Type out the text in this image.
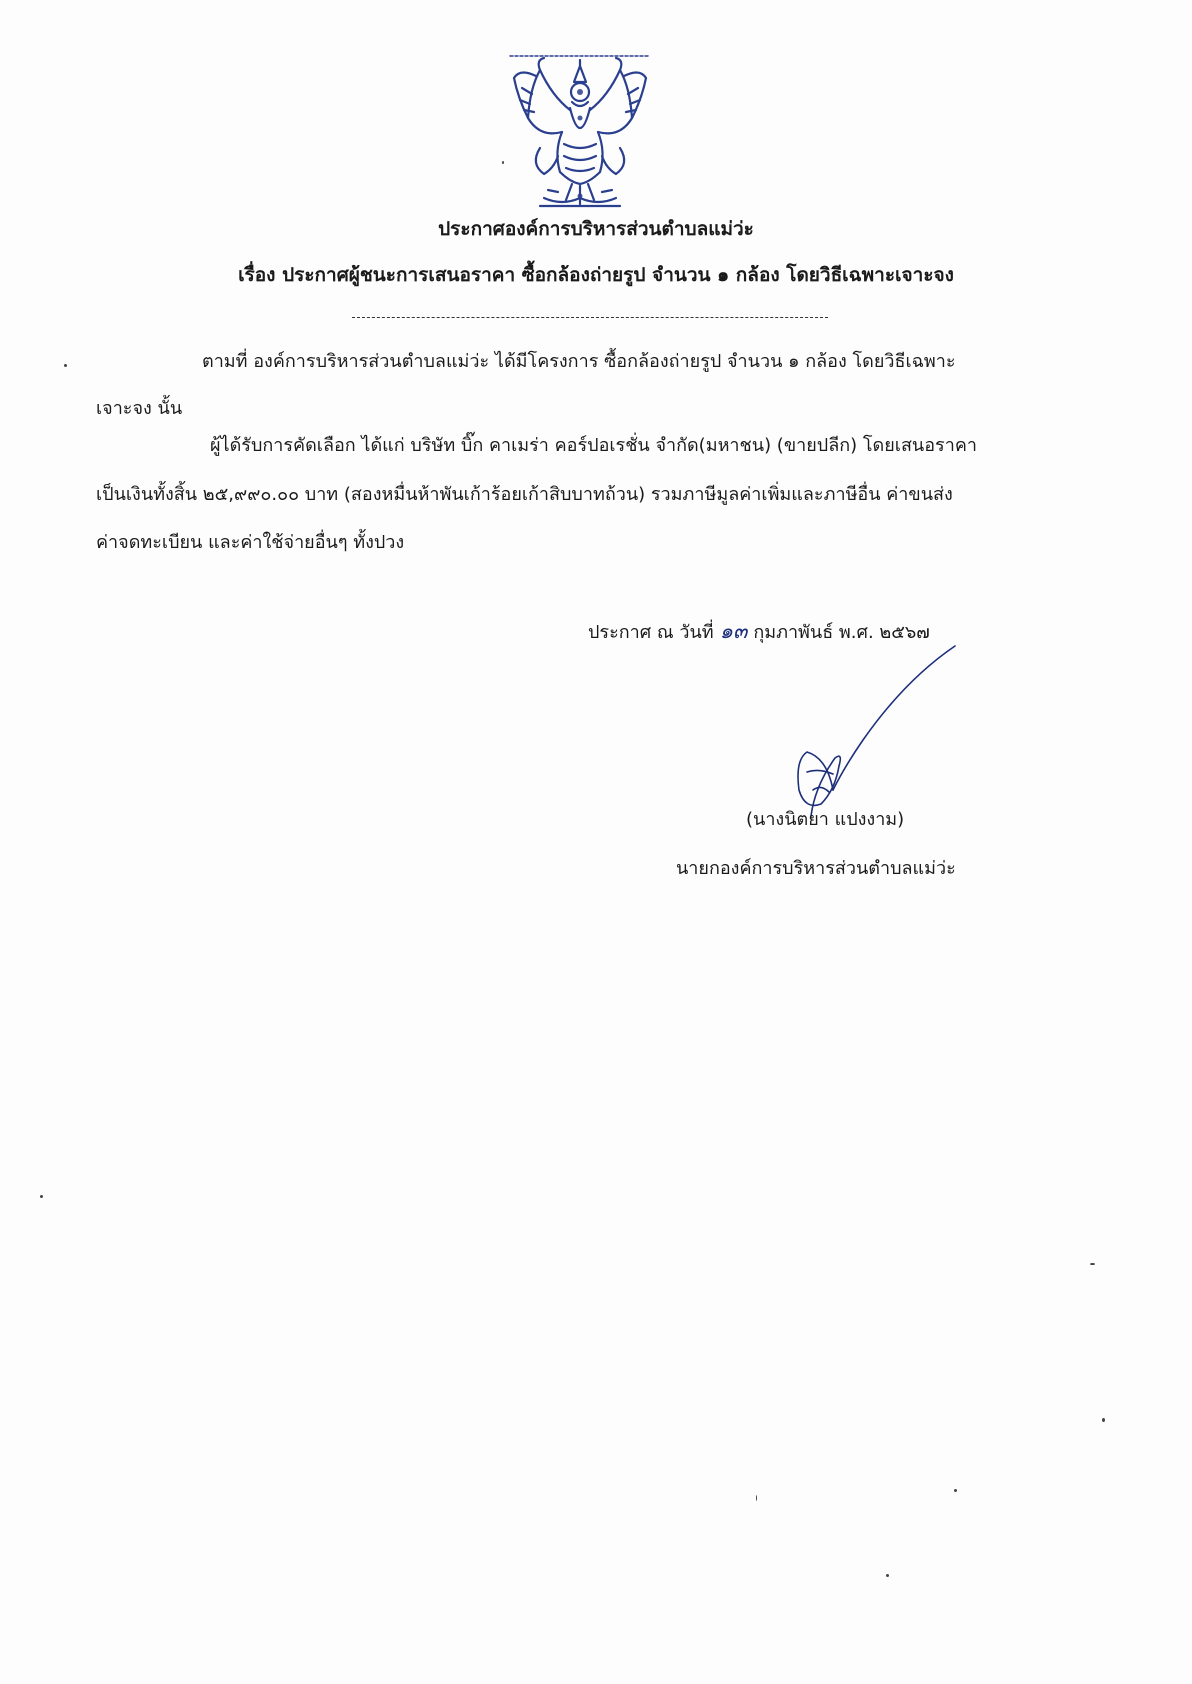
ประกาศองค์การบริหารส่วนตำบลแม่ว่ะ
เรื่อง ประกาศผู้ชนะการเสนอราคา ซื้อกล้องถ่ายรูป จำนวน ๑ กล้อง โดยวิธีเฉพาะเจาะจง
ตามที่ องค์การบริหารส่วนตำบลแม่ว่ะ ได้มีโครงการ ซื้อกล้องถ่ายรูป จำนวน ๑ กล้อง โดยวิธีเฉพาะ
เจาะจง นั้น
ผู้ได้รับการคัดเลือก ได้แก่ บริษัท บิ๊ก คาเมร่า คอร์ปอเรชั่น จำกัด(มหาชน) (ขายปลีก) โดยเสนอราคา
เป็นเงินทั้งสิ้น ๒๕,๙๙๐.๐๐ บาท (สองหมื่นห้าพันเก้าร้อยเก้าสิบบาทถ้วน) รวมภาษีมูลค่าเพิ่มและภาษีอื่น ค่าขนส่ง
ค่าจดทะเบียน และค่าใช้จ่ายอื่นๆ ทั้งปวง
ประกาศ ณ วันที่ ๑๓ กุมภาพันธ์ พ.ศ. ๒๕๖๗
(นางนิตยา แปงงาม)
นายกองค์การบริหารส่วนตำบลแม่ว่ะ
